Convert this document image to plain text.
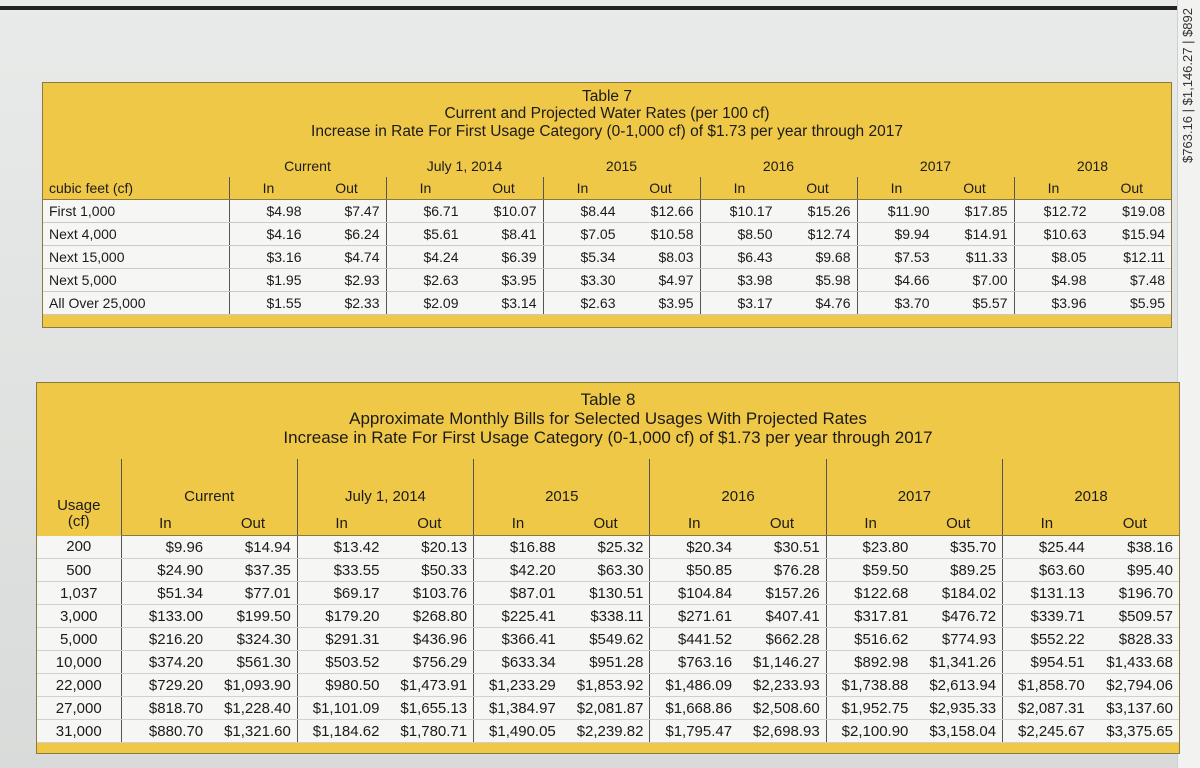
$763.16 | $1,146.27 | $892
Table 7
Current and Projected Water Rates (per 100 cf)
Increase in Rate For First Usage Category (0-1,000 cf) of $1.73 per year through 2017
	Current		July 1, 2014		2015		2016		2017		2018	
cubic feet (cf)	In	Out	In	Out	In	Out	In	Out	In	Out	In	Out
First 1,000	$4.98	$7.47	$6.71	$10.07	$8.44	$12.66	$10.17	$15.26	$11.90	$17.85	$12.72	$19.08
Next 4,000	$4.16	$6.24	$5.61	$8.41	$7.05	$10.58	$8.50	$12.74	$9.94	$14.91	$10.63	$15.94
Next 15,000	$3.16	$4.74	$4.24	$6.39	$5.34	$8.03	$6.43	$9.68	$7.53	$11.33	$8.05	$12.11
Next 5,000	$1.95	$2.93	$2.63	$3.95	$3.30	$4.97	$3.98	$5.98	$4.66	$7.00	$4.98	$7.48
All Over 25,000	$1.55	$2.33	$2.09	$3.14	$2.63	$3.95	$3.17	$4.76	$3.70	$5.57	$3.96	$5.95
Table 8
Approximate Monthly Bills for Selected Usages With Projected Rates
Increase in Rate For First Usage Category (0-1,000 cf) of $1.73 per year through 2017
Usage
(cf)	Current		July 1, 2014		2015		2016		2017		2018	
	In	Out	In	Out	In	Out	In	Out	In	Out	In	Out
200	$9.96	$14.94	$13.42	$20.13	$16.88	$25.32	$20.34	$30.51	$23.80	$35.70	$25.44	$38.16
500	$24.90	$37.35	$33.55	$50.33	$42.20	$63.30	$50.85	$76.28	$59.50	$89.25	$63.60	$95.40
1,037	$51.34	$77.01	$69.17	$103.76	$87.01	$130.51	$104.84	$157.26	$122.68	$184.02	$131.13	$196.70
3,000	$133.00	$199.50	$179.20	$268.80	$225.41	$338.11	$271.61	$407.41	$317.81	$476.72	$339.71	$509.57
5,000	$216.20	$324.30	$291.31	$436.96	$366.41	$549.62	$441.52	$662.28	$516.62	$774.93	$552.22	$828.33
10,000	$374.20	$561.30	$503.52	$756.29	$633.34	$951.28	$763.16	$1,146.27	$892.98	$1,341.26	$954.51	$1,433.68
22,000	$729.20	$1,093.90	$980.50	$1,473.91	$1,233.29	$1,853.92	$1,486.09	$2,233.93	$1,738.88	$2,613.94	$1,858.70	$2,794.06
27,000	$818.70	$1,228.40	$1,101.09	$1,655.13	$1,384.97	$2,081.87	$1,668.86	$2,508.60	$1,952.75	$2,935.33	$2,087.31	$3,137.60
31,000	$880.70	$1,321.60	$1,184.62	$1,780.71	$1,490.05	$2,239.82	$1,795.47	$2,698.93	$2,100.90	$3,158.04	$2,245.67	$3,375.65
